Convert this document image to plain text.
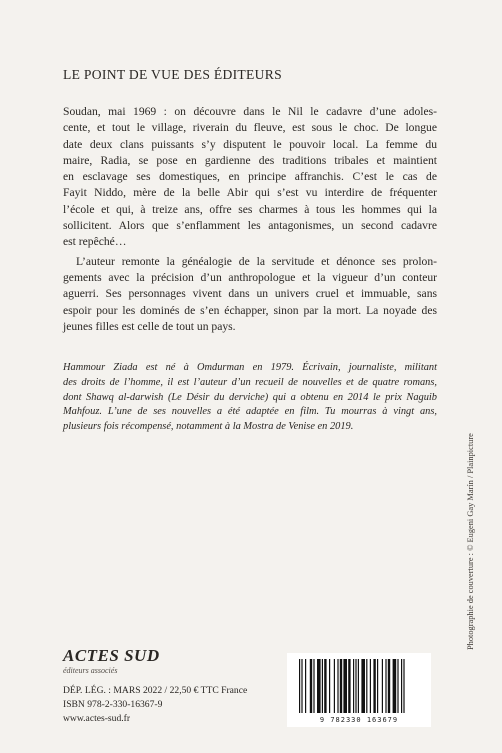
LE POINT DE VUE DES ÉDITEURS
Soudan, mai 1969 : on découvre dans le Nil le cadavre d’une adoles-
cente, et tout le village, riverain du fleuve, est sous le choc. De longue
date deux clans puissants s’y disputent le pouvoir local. La femme du
maire, Radia, se pose en gardienne des traditions tribales et maintient
en esclavage ses domestiques, en principe affranchis. C’est le cas de
Fayit Niddo, mère de la belle Abir qui s’est vu interdire de fréquenter
l’école et qui, à treize ans, offre ses charmes à tous les hommes qui la
sollicitent. Alors que s’enflamment les antagonismes, un second cadavre
est repêché…
L’auteur remonte la généalogie de la servitude et dénonce ses prolon-
gements avec la précision d’un anthropologue et la vigueur d’un conteur
aguerri. Ses personnages vivent dans un univers cruel et immuable, sans
espoir pour les dominés de s’en échapper, sinon par la mort. La noyade des
jeunes filles est celle de tout un pays.
Hammour Ziada est né à Omdurman en 1979. Écrivain, journaliste, militant
des droits de l’homme, il est l’auteur d’un recueil de nouvelles et de quatre romans,
dont Shawq al-darwish (Le Désir du derviche) qui a obtenu en 2014 le prix Naguib
Mahfouz. L’une de ses nouvelles a été adaptée en film. Tu mourras à vingt ans,
plusieurs fois récompensé, notamment à la Mostra de Venise en 2019.
ACTES SUD
éditeurs associés
DÉP. LÉG. : MARS 2022 / 22,50 € TTC France
ISBN 978-2-330-16367-9
www.actes-sud.fr	9 782330 163679
Photographie de couverture : © Eugeni Gay Marín / Plainpicture
